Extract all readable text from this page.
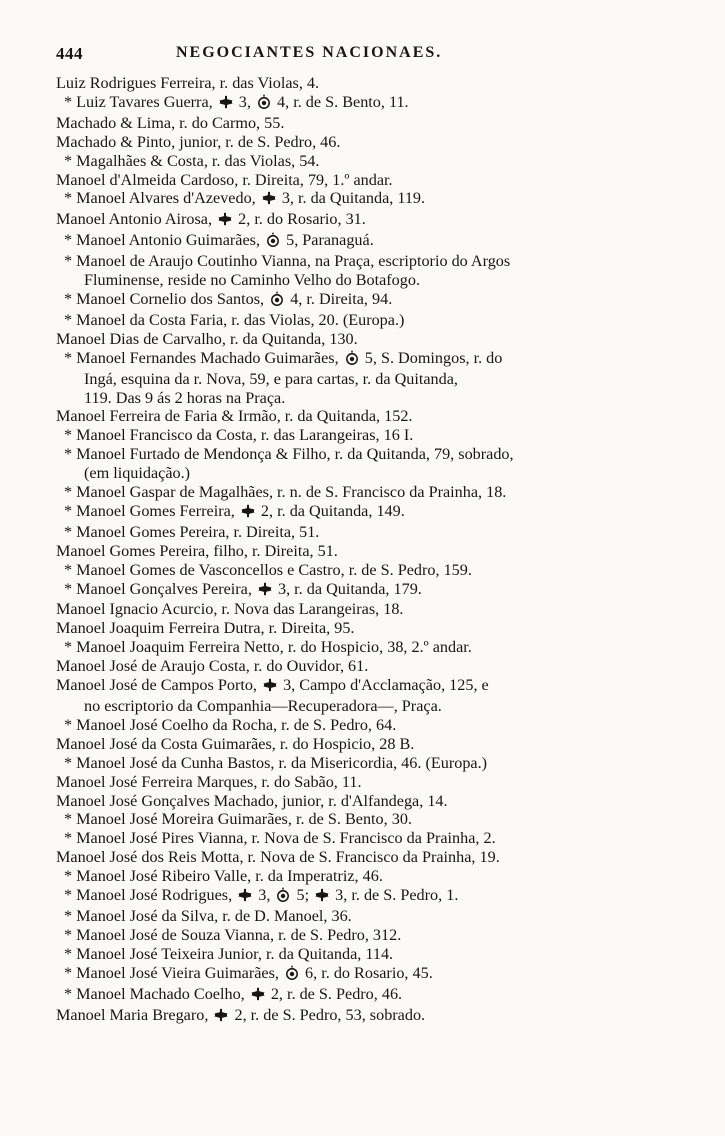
444	NEGOCIANTES NACIONAES.
Luiz Rodrigues Ferreira, r. das Violas, 4.
* Luiz Tavares Guerra,  3,  4, r. de S. Bento, 11.
Machado & Lima, r. do Carmo, 55.
Machado & Pinto, junior, r. de S. Pedro, 46.
* Magalhães & Costa, r. das Violas, 54.
Manoel d'Almeida Cardoso, r. Direita, 79, 1.º andar.
* Manoel Alvares d'Azevedo,  3, r. da Quitanda, 119.
Manoel Antonio Airosa,  2, r. do Rosario, 31.
* Manoel Antonio Guimarães,  5, Paranaguá.
* Manoel de Araujo Coutinho Vianna, na Praça, escriptorio do Argos
Fluminense, reside no Caminho Velho do Botafogo.
* Manoel Cornelio dos Santos,  4, r. Direita, 94.
* Manoel da Costa Faria, r. das Violas, 20. (Europa.)
Manoel Dias de Carvalho, r. da Quitanda, 130.
* Manoel Fernandes Machado Guimarães,  5, S. Domingos, r. do
Ingá, esquina da r. Nova, 59, e para cartas, r. da Quitanda,
119. Das 9 ás 2 horas na Praça.
Manoel Ferreira de Faria & Irmão, r. da Quitanda, 152.
* Manoel Francisco da Costa, r. das Larangeiras, 16 I.
* Manoel Furtado de Mendonça & Filho, r. da Quitanda, 79, sobrado,
(em liquidação.)
* Manoel Gaspar de Magalhães, r. n. de S. Francisco da Prainha, 18.
* Manoel Gomes Ferreira,  2, r. da Quitanda, 149.
* Manoel Gomes Pereira, r. Direita, 51.
Manoel Gomes Pereira, filho, r. Direita, 51.
* Manoel Gomes de Vasconcellos e Castro, r. de S. Pedro, 159.
* Manoel Gonçalves Pereira,  3, r. da Quitanda, 179.
Manoel Ignacio Acurcio, r. Nova das Larangeiras, 18.
Manoel Joaquim Ferreira Dutra, r. Direita, 95.
* Manoel Joaquim Ferreira Netto, r. do Hospicio, 38, 2.º andar.
Manoel José de Araujo Costa, r. do Ouvidor, 61.
Manoel José de Campos Porto,  3, Campo d'Acclamação, 125, e
no escriptorio da Companhia—Recuperadora—, Praça.
* Manoel José Coelho da Rocha, r. de S. Pedro, 64.
Manoel José da Costa Guimarães, r. do Hospicio, 28 B.
* Manoel José da Cunha Bastos, r. da Misericordia, 46. (Europa.)
Manoel José Ferreira Marques, r. do Sabão, 11.
Manoel José Gonçalves Machado, junior, r. d'Alfandega, 14.
* Manoel José Moreira Guimarães, r. de S. Bento, 30.
* Manoel José Pires Vianna, r. Nova de S. Francisco da Prainha, 2.
Manoel José dos Reis Motta, r. Nova de S. Francisco da Prainha, 19.
* Manoel José Ribeiro Valle, r. da Imperatriz, 46.
* Manoel José Rodrigues,  3,  5;  3, r. de S. Pedro, 1.
* Manoel José da Silva, r. de D. Manoel, 36.
* Manoel José de Souza Vianna, r. de S. Pedro, 312.
* Manoel José Teixeira Junior, r. da Quitanda, 114.
* Manoel José Vieira Guimarães,  6, r. do Rosario, 45.
* Manoel Machado Coelho,  2, r. de S. Pedro, 46.
Manoel Maria Bregaro,  2, r. de S. Pedro, 53, sobrado.
